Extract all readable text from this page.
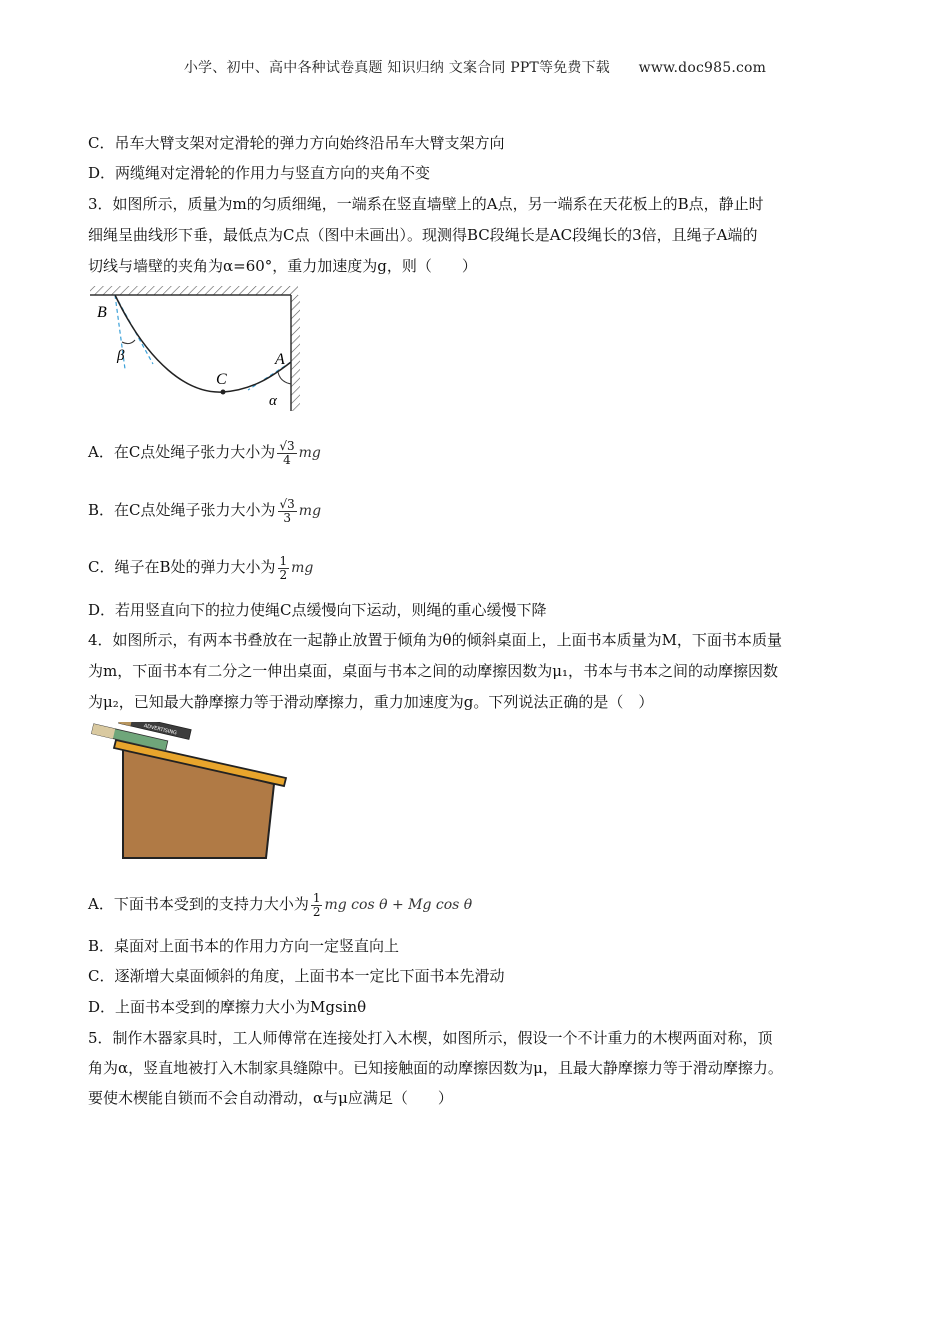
小学、初中、高中各种试卷真题 知识归纳 文案合同 PPT等免费下载 www.doc985.com
C．吊车大臂支架对定滑轮的弹力方向始终沿吊车大臂支架方向
D．两缆绳对定滑轮的作用力与竖直方向的夹角不变
3．如图所示，质量为m的匀质细绳，一端系在竖直墙壁上的A点，另一端系在天花板上的B点，静止时
细绳呈曲线形下垂，最低点为C点（图中未画出）。现测得BC段绳长是AC段绳长的3倍，且绳子A端的
切线与墙壁的夹角为α=60°，重力加速度为g，则（　　）
B
β
C
A
α
A．在C点处绳子张力大小为 $\frac{√3}{4}$ mg
B．在C点处绳子张力大小为 $\frac{√3}{3}$ mg
C．绳子在B处的弹力大小为 $\frac{1}{2}$ mg
D．若用竖直向下的拉力使绳C点缓慢向下运动，则绳的重心缓慢下降
4．如图所示，有两本书叠放在一起静止放置于倾角为θ的倾斜桌面上，上面书本质量为M，下面书本质量
为m，下面书本有二分之一伸出桌面，桌面与书本之间的动摩擦因数为μ₁，书本与书本之间的动摩擦因数
为μ₂，已知最大静摩擦力等于滑动摩擦力，重力加速度为g。下列说法正确的是（　）
ADVERTISING
A．下面书本受到的支持力大小为 $\frac{1}{2}$ mg cos θ + Mg cos θ
B．桌面对上面书本的作用力方向一定竖直向上
C．逐渐增大桌面倾斜的角度，上面书本一定比下面书本先滑动
D．上面书本受到的摩擦力大小为Mgsinθ
5．制作木器家具时，工人师傅常在连接处打入木楔，如图所示，假设一个不计重力的木楔两面对称，顶
角为α，竖直地被打入木制家具缝隙中。已知接触面的动摩擦因数为μ，且最大静摩擦力等于滑动摩擦力。
要使木楔能自锁而不会自动滑动，α与μ应满足（　　）
